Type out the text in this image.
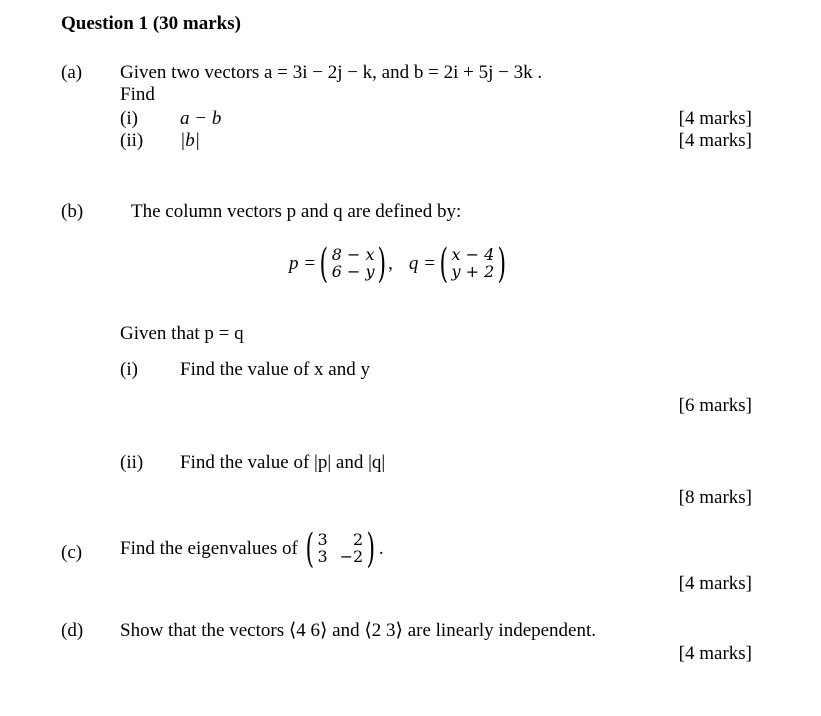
Question 1 (30 marks)
(a) Given two vectors a = 3i − 2j − k, and b = 2i + 5j − 3k .
Find
(i) a − b	[4 marks]
(ii) |b|	[4 marks]
(b)	The column vectors p and q are defined by:
p = ( 8 − x
6 − y ) , q = ( x − 4
y + 2 )
Given that p = q
(i) Find the value of x and y
[6 marks]
(ii) Find the value of |p| and |q|
[8 marks]
(c) Find the eigenvalues of ( 3	2
3 −2 ) .
[4 marks]
(d) Show that the vectors ⟨4 6⟩ and ⟨2 3⟩ are linearly independent.
[4 marks]
